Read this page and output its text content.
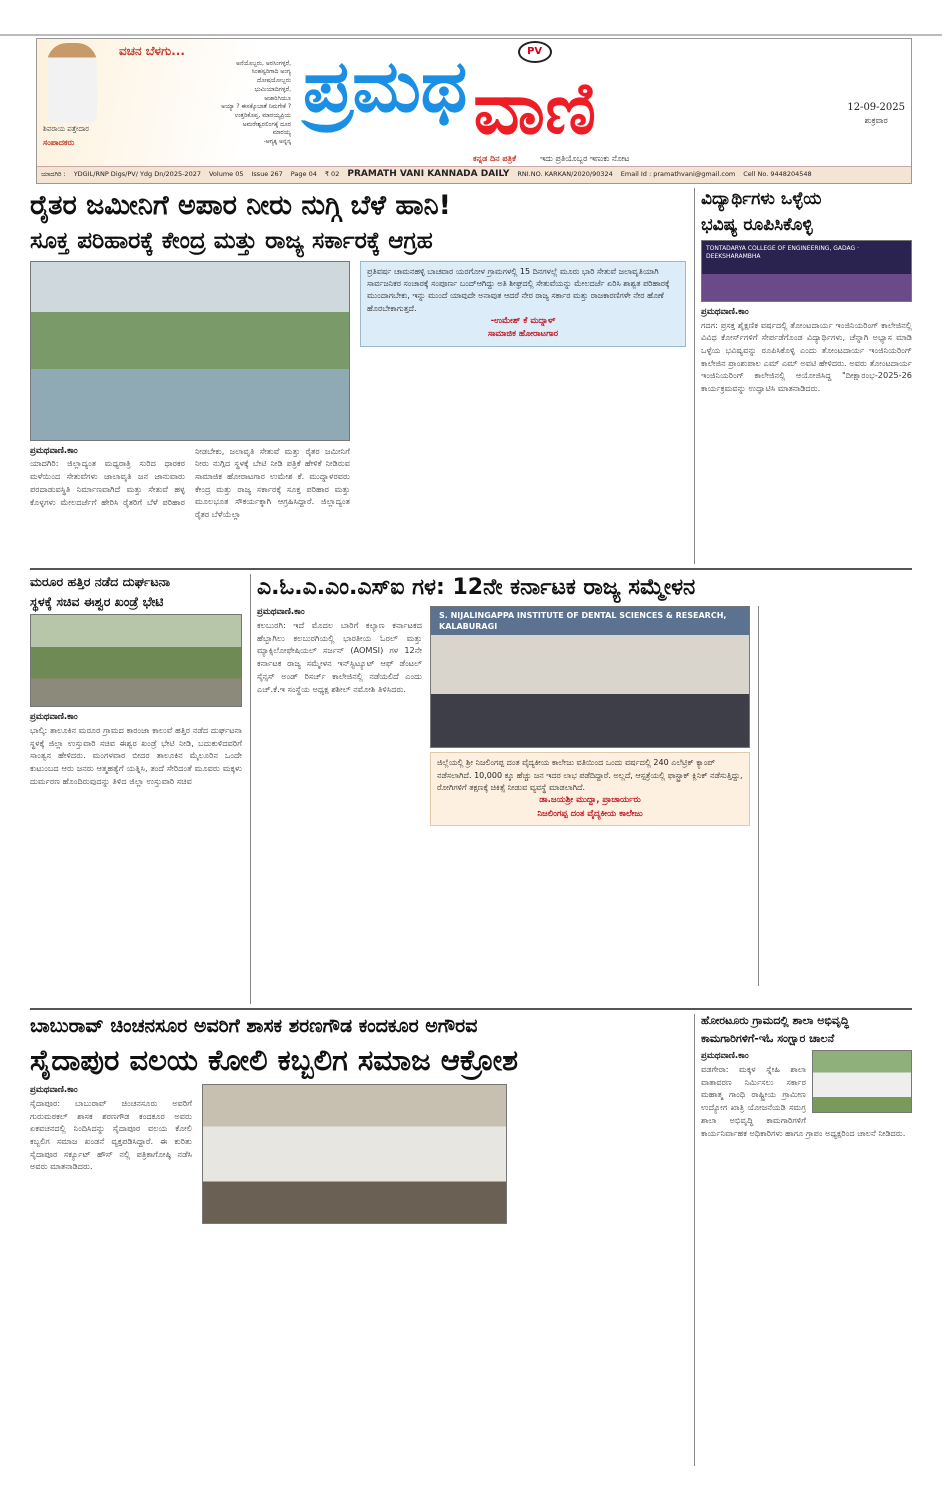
ಶಿವರಾಯ ಪತ್ತೇದಾರ
ಸಂಪಾದಕರು
ವಚನ ಬೆಳಗು...
ಅನೆಯೊಬ್ಬರು, ಅರಸಿಂಗಳ್ಳರೆ,
ಸಿಂಹಸ್ವರಿಗಾದಿ ಅಂಗ್ಯ
ದೋಷಯೋಬ್ಬರು
ಭುಮಿಯಾದಿಗಳ್ಳರೆ,
ಅಜಾರಿಗಿಯೂ
ಅಯ್ಯಾ ? ಈಸಕ್ಕೊಬಾತೆ ನಿಮಗೇಕೆ ?
ಉತ್ತರಿಕೊಪ್ತ, ಮಾರಯ್ಯಪ್ರಿಯ
ಅಮರೇಶ್ವರಲಿಂಗಕ್ಕೆ ದೂರ
ಮಾರಯ್ಯ
-ಆಗ್ಯಕ್ಕ ಅನ್ನನ್ಕ
ಪ್ರಮಥ	PV
ವಾಣಿ	12-09-2025
ಶುಕ್ರವಾರ
ಕನ್ನಡ ದಿನ ಪತ್ರಿಕೆ	ಇದು ಪ್ರತಿಯೊಬ್ಬರ ಇಣುಕು ನೋಟ
ಯಾದಗಿರಿ : YDGIL/RNP Digs/PV/ Ydg Dn/2025-2027 Volume 05 Issue 267 Page 04 ₹ 02 PRAMATH VANI KANNADA DAILY RNI.NO. KARKAN/2020/90324 Email Id : pramathvani@gmail.com Cell No. 9448204548
ರೈತರ ಜಮೀನಿಗೆ ಅಪಾರ ನೀರು ನುಗ್ಗಿ ಬೆಳೆ ಹಾನಿ!
ಸೂಕ್ತ ಪರಿಹಾರಕ್ಕೆ ಕೇಂದ್ರ ಮತ್ತು ರಾಜ್ಯ ಸರ್ಕಾರಕ್ಕೆ ಆಗ್ರಹ

ಪ್ರಮಥವಾಣಿ.ಕಾಂ

ಯಾದಗಿರಿ: ಜಿಲ್ಲಾದ್ಯಂತ ಮಧ್ಯರಾತ್ರಿ ಸುರಿದ ಧಾರಕರ ಮಳೆಯಿಂದ ಸೇತುವೆಗಳು ಜಾಲಾವೃತಿ ಜನ ಜಾನುವಾರು ಪರದಾಡುವಸ್ಥಿತಿ ನಿರ್ಮಾಣವಾಗಿದೆ ಮತ್ತು ಸೇತುವೆ ಹಳ್ಳ ಕೊಳ್ಳಗಳು ಮೇಲದರ್ಜೆಗೆ ಹೇರಿಸಿ ರೈತರಿಗೆ ಬೆಳೆ ಪರಿಹಾರ ನೀಡಬೇಕು, ಜಲಾವೃತಿ ಸೇತುವೆ ಮತ್ತು ರೈತರ ಜಮೀನಿಗೆ ನೀರು ನುಗ್ಗಿದ ಸ್ಥಳಕ್ಕೆ ಬೇಟಿ ನೀಡಿ ಪತ್ರಿಕೆ ಹೇಳಿಕೆ ನೀಡಿರುವ ಸಾಮಾಜಿಕ ಹೋರಾಟಗಾರ ಉಮೇಶ ಕೆ. ಮುದ್ನಾಳರವರು ಕೇಂದ್ರ ಮತ್ತು ರಾಜ್ಯ ಸರ್ಕಾರಕ್ಕೆ ಸೂಕ್ತ ಪರಿಹಾರ ಮತ್ತು ಮೂಲಭೂತ ಸೌಕರ್ಯಕ್ಕಾಗಿ ಆಗ್ರಹಿಸಿದ್ದಾರೆ. ಜಿಲ್ಲಾದ್ಯಂತ ರೈತರ ಬೆಳೆಯೆಲ್ಲಾ

ಪ್ರತಿವರ್ಷ ಚಾಮನಹಳ್ಳಿ ಬಾಚವಾರ ಯರಗೋಳ ಗ್ರಾಮಗಳಲ್ಲಿ 15 ದಿನಗಳಲ್ಲೆ ಮೂರು ಭಾರಿ ಸೇತುವೆ ಜಲಾವೃತಿಯಾಗಿ ಸಾರ್ವಜನಿಕರ ಸಂಚಾರಕ್ಕೆ ಸಂಪೂರ್ಣ ಬಂದ್ಆಗಿದ್ದು ಅತಿ ಶೀಘ್ರದಲ್ಲಿ ಸೇತುವೆಯನ್ನು ಮೇಲದರ್ಜೆ ಏರಿಸಿ ಶಾಶ್ವತ ಪರಿಹಾರಕ್ಕೆ ಮುಂದಾಗಬೇಕು, ಇನ್ನು ಮುಂದೆ ಯಾವುದೇ ಅನಾವುತ ಆದರೆ ನೇರ ರಾಜ್ಯ ಸರ್ಕಾರ ಮತ್ತು ರಾಜಕಾರಣಿಗಳೇ ನೇರ ಹೊಣೆ ಹೊರಬೇಕಾಗುತ್ತದೆ.

-ಉಮೇಶ್ ಕೆ ಮದ್ನಾಳ್

ಸಾಮಾಜಿಕ ಹೋರಾಟಗಾರ

ವಿದ್ಯಾರ್ಥಿಗಳು ಒಳ್ಳೆಯ
ಭವಿಷ್ಯ ರೂಪಿಸಿಕೊಳ್ಳಿ
TONTADARYA COLLEGE OF ENGINEERING, GADAG · DEEKSHARAMBHA

ಪ್ರಮಥವಾಣಿ.ಕಾಂ

ಗದಗ: ಪ್ರಸಕ್ತ ಶೈಕ್ಷಣಿಕ ವರ್ಷದಲ್ಲಿ ತೋಂಟದಾರ್ಯ ಇಂಜಿನಿಯರಿಂಗ್ ಕಾಲೇಜಿನಲ್ಲಿ ವಿವಿಧ ಕೋರ್ಸ್‌ಗಳಿಗೆ ಸೇರ್ಪಡೆಗೊಂಡ ವಿದ್ಯಾರ್ಥಿಗಳು, ಚೆನ್ನಾಗಿ ಅಭ್ಯಾಸ ಮಾಡಿ ಒಳ್ಳೆಯ ಭವಿಷ್ಯವನ್ನು ರೂಪಿಸಿಕೊಳ್ಳಿ ಎಂದು ತೋಂಟದಾರ್ಯ ಇಂಜಿನಿಯರಿಂಗ್ ಕಾಲೇಜಿನ ಪ್ರಾಂಶುಪಾಲ ಎಮ್ ಎಮ್ ಅವಟಿ ಹೇಳಿದರು. ಅವರು ತೋಂಟದಾರ್ಯ ಇಂಜಿನಿಯರಿಂಗ್ ಕಾಲೇಜಿನಲ್ಲಿ ಆಯೋಜಿಸಿದ್ದ "ದೀಕ್ಷಾರಂಭ-2025-26 ಕಾರ್ಯಕ್ರಮವನ್ನು ಉದ್ಘಾಟಿಸಿ ಮಾತನಾಡಿದರು.

ಮರೂರ ಹತ್ತಿರ ನಡೆದ ದುರ್ಘಟನಾ
ಸ್ಥಳಕ್ಕೆ ಸಚಿವ ಈಶ್ವರ ಖಂಡ್ರೆ ಭೇಟಿ

ಪ್ರಮಥವಾಣಿ.ಕಾಂ

ಭಾಲ್ಕಿ: ತಾಲೂಕಿನ ಮರೂರ ಗ್ರಾಮದ ಕಾರಂಜಾ ಕಾಲುವೆ ಹತ್ತಿರ ನಡೆದ ದುರ್ಘಟನಾ ಸ್ಥಳಕ್ಕೆ ಜಿಲ್ಲಾ ಉಸ್ತುವಾರಿ ಸಚಿವ ಈಶ್ವರ ಖಂಡ್ರೆ ಭೇಟಿ ನೀಡಿ, ಬದುಕುಳಿದವರಿಗೆ ಸಾಂತ್ವನ ಹೇಳಿದರು. ಮಂಗಳವಾರ ಬೀದರ ತಾಲೂಕಿನ ಮೈಲೂರಿನ ಒಂದೇ ಕುಟುಂಬದ ಆರು ಜನರು ಆತ್ಮಹತ್ಯೆಗೆ ಯತ್ನಿಸಿ, ತಂದೆ ಸೇರಿದಂತೆ ಮೂವರು ಮಕ್ಕಳು ದುರ್ಮರಣ ಹೊಂದಿರುವುದನ್ನು ತಿಳಿದ ಜಿಲ್ಲಾ ಉಸ್ತುವಾರಿ ಸಚಿವ

ಎ.ಓ.ಎ.ಎಂ.ಎಸ್‌ಐ ಗಳ: 12ನೇ ಕರ್ನಾಟಕ ರಾಜ್ಯ ಸಮ್ಮೇಳನ

ಪ್ರಮಥವಾಣಿ.ಕಾಂ

ಕಲಬುರಗಿ: ಇದೆ ಮೊದಲ ಬಾರಿಗೆ ಕಲ್ಯಾಣ ಕರ್ನಾಟಕದ ಹೆಬ್ಬಾಗಿಲು ಕಲಬುರಗಿಯಲ್ಲಿ ಭಾರತೀಯ ಓರಲ್ ಮತ್ತು ಮ್ಯಾಕ್ಸಿಲೋಫೇಷಿಯಲ್ ಸರ್ಜನ್ (AOMSI) ಗಳ 12ನೇ ಕರ್ನಾಟಕ ರಾಜ್ಯ ಸಮ್ಮೇಳನ ಇನ್‌ಸ್ಟಿಟ್ಯೂಟ್ ಆಫ್ ಡೆಂಟಲ್ ಸೈನ್ಸಸ್ ಅಂಡ್ ರಿಸರ್ಚ್ ಕಾಲೇಜಿನಲ್ಲಿ ನಡೆಯಲಿದೆ ಎಂದು ಎಚ್.ಕೆ.ಇ ಸಂಸ್ಥೆಯ ಅಧ್ಯಕ್ಷ ಶಶೀಲ್ ನಮೋಶಿ ತಿಳಿಸಿದರು.

S. NIJALINGAPPA INSTITUTE OF DENTAL SCIENCES & RESEARCH, KALABURAGI

ಜಿಲ್ಲೆಯಲ್ಲಿ ಶ್ರೀ ನಿಜಲಿಂಗಪ್ಪ ದಂತ ವೈದ್ಯಕೀಯ ಕಾಲೇಜು ವತಿಯಿಂದ ಒಂದು ವರ್ಷದಲ್ಲಿ 240 ಎಲೆಟ್ರಿಕ್ ಕ್ಯಾಂಪ್ ನಡೆಸಲಾಗಿದೆ. 10,000 ಕ್ಕೂ ಹೆಚ್ಚು ಜನ ಇದರ ಲಾಭ ಪಡೆದಿದ್ದಾರೆ. ಅಲ್ಲದೆ, ಆಸ್ಪತ್ರೆಯಲ್ಲಿ ಫಾಸ್ಟ್ರಾಕ್ ಕ್ಲಿನಿಕ್ ನಡೆಸುತ್ತಿದ್ದು, ರೋಗಿಗಳಿಗೆ ತಕ್ಷಣಕ್ಕೆ ಚಿಕಿತ್ಸೆ ನೀಡುವ ವ್ಯವಸ್ಥೆ ಮಾಡಲಾಗಿದೆ.

ಡಾ.ಜಯಶ್ರೀ ಮುದ್ದಾ, ಪ್ರಾಚಾರ್ಯರು

ನಿಜಲಿಂಗಪ್ಪ ದಂತ ವೈದ್ಯಕೀಯ ಕಾಲೇಜು

ಬಾಬುರಾವ್ ಚಿಂಚನಸೂರ ಅವರಿಗೆ ಶಾಸಕ ಶರಣಗೌಡ ಕಂದಕೂರ ಅಗೌರವ
ಸೈದಾಪುರ ವಲಯ ಕೋಲಿ ಕಬ್ಬಲಿಗ ಸಮಾಜ ಆಕ್ರೋಶ

ಪ್ರಮಥವಾಣಿ.ಕಾಂ

ಸೈದಾಪೂರ: ಬಾಬುರಾವ್ ಚಿಂಚನಸೂರು ಅವರಿಗೆ ಗುರುಮಠಕಲ್ ಶಾಸಕ ಶರಣಗೌಡ ಕಂದಕೂರ ಅವರು ಏಕವಚನದಲ್ಲಿ ನಿಂದಿಸಿದನ್ನು ಸೈದಾಪೂರ ವಲಯ ಕೋಲಿ ಕಬ್ಬಲಿಗ ಸಮಾಜ ಖಂಡನೆ ವ್ಯಕ್ತಪಡಿಸಿದ್ದಾರೆ. ಈ ಕುರಿತು ಸೈದಾಪೂರ ಸರ್ಕ್ಯೂಟ್ ಹೌಸ್ ನಲ್ಲಿ ಪತ್ರಿಕಾಗೋಷ್ಠಿ ನಡೆಸಿ ಅವರು ಮಾತನಾಡಿದರು.

ಹೋರಟೂರು ಗ್ರಾಮದಲ್ಲಿ ಶಾಲಾ ಅಭಿವೃದ್ಧಿ
ಕಾಮಗಾರಿಗಳಿಗೆ-ಇಓ ಸಂಗ್ಷಾರ ಚಾಲನೆ

ಪ್ರಮಥವಾಣಿ.ಕಾಂ

ವಡಗೇರಾ: ಮಕ್ಕಳ ಸ್ನೇಹಿ ಶಾಲಾ ವಾತಾವರಣ ನಿರ್ಮಿಸಲು ಸರ್ಕಾರ ಮಹಾತ್ಮ ಗಾಂಧಿ ರಾಷ್ಟ್ರೀಯ ಗ್ರಾಮೀಣ ಉದ್ಯೋಗ ಖಾತ್ರಿ ಯೋಜನೆಯಡಿ ಸಮಗ್ರ ಶಾಲಾ ಅಭಿವೃದ್ಧಿ ಕಾಮಗಾರಿಗಳಿಗೆ ಕಾರ್ಯನಿರ್ವಾಹಕ ಅಧಿಕಾರಿಗಳು ಹಾಗೂ ಗ್ರಾಪಂ ಅಧ್ಯಕ್ಷರಿಂದ ಚಾಲನೆ ನೀಡಿದರು.
